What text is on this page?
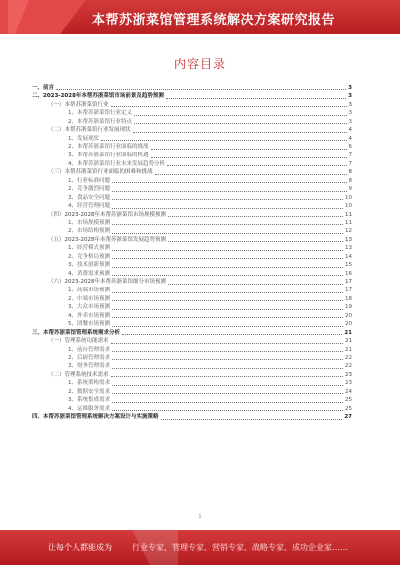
本帮苏浙菜馆管理系统解决方案研究报告
内容目录
一、前言	3
二、2023-2028年本帮苏浙菜馆市场前景及趋势预测	3
（一）本帮苏浙菜馆行业	3
1、本帮苏浙菜馆行业定义	3
2、本帮苏浙菜馆行业特点	3
（二）本帮苏浙菜馆行业发展现状	4
1、发展现状	4
2、本帮苏浙菜馆行业面临的挑战	6
3、本帮苏浙菜馆行业面临的机遇	7
4、本帮苏浙菜馆行业未来发展趋势分析	7
（三）本帮苏浙菜馆行业面临的困难和挑战	8
1、行业标准问题	8
2、竞争激烈问题	9
3、食品安全问题	10
4、经营管理问题	10
（四）2023-2028年本帮苏浙菜馆市场规模预测	11
1、市场规模预测	11
2、市场结构预测	12
（五）2023-2028年本帮苏浙菜馆发展趋势预测	13
1、经营模式预测	13
2、竞争格局预测	14
3、技术创新预测	15
4、消费需求预测	16
（六）2023-2028年本帮苏浙菜馆细分市场预测	17
1、高端市场预测	17
2、中端市场预测	18
3、大众市场预测	19
4、外卖市场预测	20
5、团餐市场预测	20
三、本帮苏浙菜馆管理系统需求分析	21
（一）管理系统功能需求	21
1、前台管理需求	21
2、后厨管理需求	22
3、财务管理需求	22
（二）管理系统技术需求	23
1、系统架构需求	23
2、数据安全需求	24
3、系统集成需求	25
4、运维服务需求	25
四、本帮苏浙菜馆管理系统解决方案设计与实施策略	27
1
让每个人都能成为	行业专家、管理专家、营销专家、战略专家、成功企业家……
